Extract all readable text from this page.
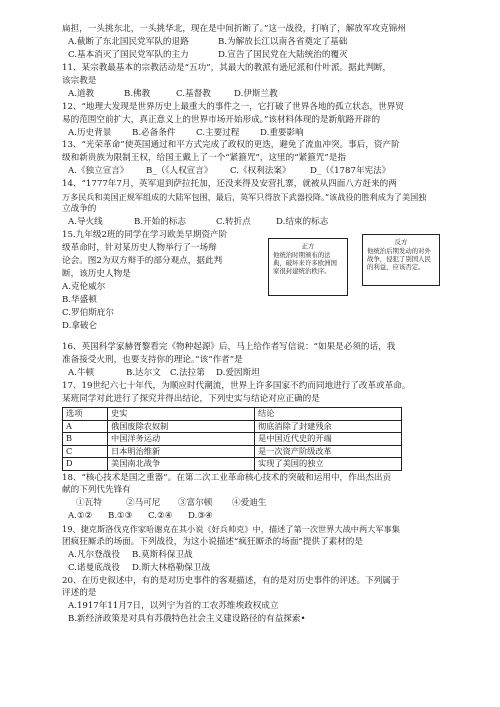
扁担，一头挑东北，一头挑华北，现在是中间折断了。”这一战役，打响了，解放军攻克锦州
A.截断了东北国民党军队的退路	B.为解放长江以南各省奠定了基础
C.基本消灭了国民党军队的主力	D.宣告了国民党在大陆统治的覆灭
11、某宗教最基本的宗教活动是“五功”，其最大的教派有逊尼派和什叶派。据此判断，
该宗教是
A.道教	B.佛教	C.基督教	D.伊斯兰教
12、“地理大发现是世界历史上最重大的事件之一，它打破了世界各地的孤立状态，世界贸
易的范围空前扩大，真正意义上的世界市场开始形成。”该材料体现的是新航路开辟的
A.历史背景	B.必备条件	C.主要过程	D.重要影响
13、“光荣革命”使英国通过和平方式完成了政权的更迭，避免了流血冲突。事后，资产阶
级和新贵族为限制王权，给国王戴上了一个“紧箍咒”，这里的“紧箍咒”是指
A.《独立宣言》	B_（《人权宣言》	C.《权利法案》	D_（《1787年宪法》
14、“1777年7月，英军退到萨拉托加，还没来得及安营扎寨，就被从四面八方赶来的两
万多民兵和美国正规军组成的大陆军包围，最后，英军只得放下武器投降。”该战役的胜利成为了美国独
立战争的
A.导火线	B.开始的标志	C.转折点	D.结束的标志
15.九年级2班的同学在学习欧美早期资产阶
级革命时，针对某历史人物举行了一场辩
论会。图2为双方辩手的部分观点，据此判
断，该历史人物是
A.克伦威尔
B.华盛顿
C.罗伯斯庇尔
D.拿破仑
正方
他统治时期颁布的法典，破坏来许多欧洲国家很封建统治秩序。
反方
他统治后期发动的对外战争，侵犯了别国人民的利益，应该否定。
16、英国科学家赫胥黎看完《物种起源》后，马上给作者写信说：“如果是必须的话，我
准备接受火刑，也要支持你的理论。”该“作者”是
A.牛顿	B.达尔文	C.法拉第	D.爱因斯坦
17、19世纪六七十年代，为顺应时代潮流，世界上许多国家不约而同地进行了改革或革命。
某班同学对此进行了探究并得出结论，下列史实与结论对应正确的是
选项	史实	结论
A	俄国废除农奴制	彻底消除了封建残余
B	中国洋务运动	是中国近代史的开端
C	日本明治维新	是一次资产阶级改革
D	美国南北战争	实现了美国的独立
18、“核心技术是国之重器”。在第二次工业革命核心技术的突破和运用中，作出杰出贡
献的下列代先锋有
①瓦特	②马可尼	③富尔顿	④爱迪生
A.①②	B.①③	C.②④	D.③④
19、捷克斯洛伐克作家哈谢克在其小说《好兵帅克》中，描述了第一次世界大战中两大军事集
团疯狂厮杀的场面。下列战役，为这小说描述“疯狂厮杀的场面”提供了素材的是
A.凡尔登战役	B.莫斯科保卫战
C.诺曼底战役	D.斯大林格勒保卫战
20、在历史叙述中，有的是对历史事件的客观描述，有的是对历史事件的评述。下列属于
评述的是
A.1917年11月7日，以列宁为首的工农苏维埃政权成立
B.新经济政策是对具有苏俄特色社会主义建设路径的有益探索•
